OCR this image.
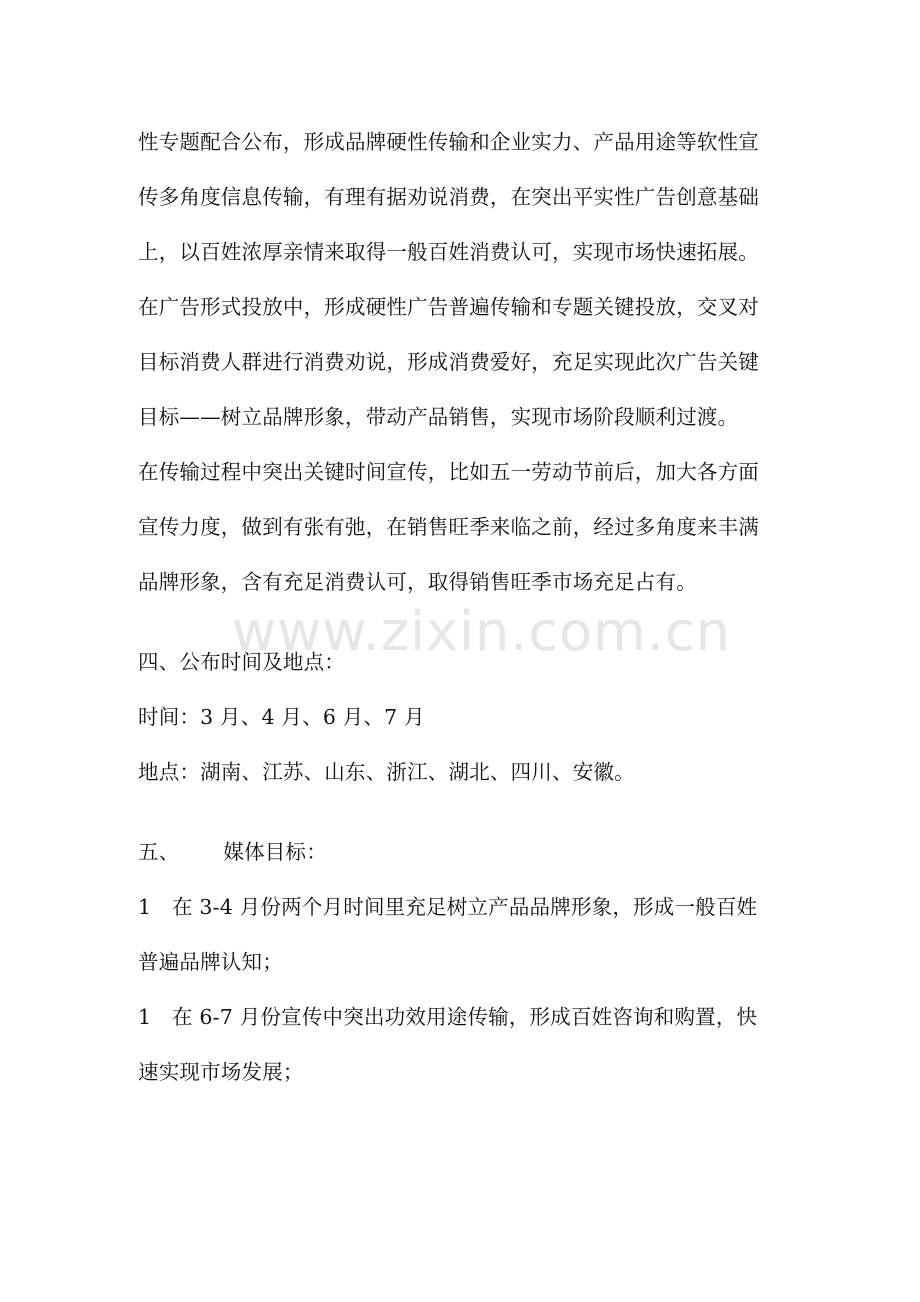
www.zixin.com.cn
性专题配合公布，形成品牌硬性传输和企业实力、产品用途等软性宣
传多角度信息传输，有理有据劝说消费，在突出平实性广告创意基础
上，以百姓浓厚亲情来取得一般百姓消费认可，实现市场快速拓展。
在广告形式投放中，形成硬性广告普遍传输和专题关键投放，交叉对
目标消费人群进行消费劝说，形成消费爱好，充足实现此次广告关键
目标——树立品牌形象，带动产品销售，实现市场阶段顺利过渡。
在传输过程中突出关键时间宣传，比如五一劳动节前后，加大各方面
宣传力度，做到有张有弛，在销售旺季来临之前，经过多角度来丰满
品牌形象，含有充足消费认可，取得销售旺季市场充足占有。
四、公布时间及地点：
时间：3 月、4 月、6 月、7 月
地点：湖南、江苏、山东、浙江、湖北、四川、安徽。
五、 媒体目标：
1 在 3-4 月份两个月时间里充足树立产品品牌形象，形成一般百姓
普遍品牌认知；
1 在 6-7 月份宣传中突出功效用途传输，形成百姓咨询和购置，快
速实现市场发展；
